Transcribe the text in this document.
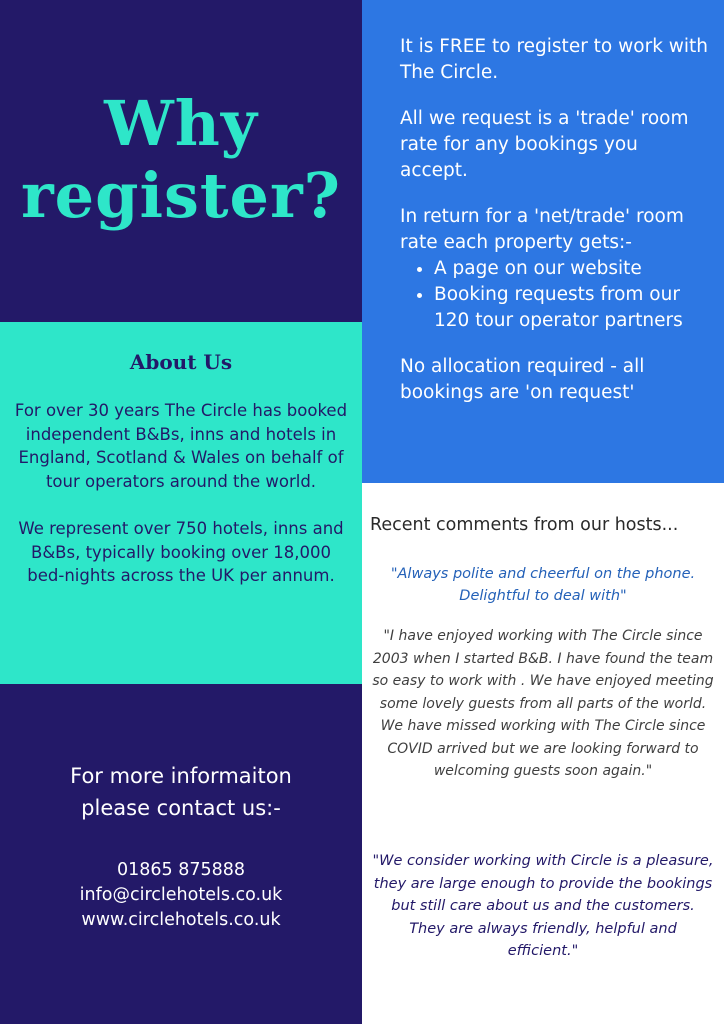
Why
register?

It is FREE to register to work with The Circle.

All we request is a 'trade' room rate for any bookings you accept.

In return for a 'net/trade' room rate each property gets:-

• A page on our website
• Booking requests from our 120 tour operator partners

No allocation required - all bookings are 'on request'

About Us

For over 30 years The Circle has booked independent B&Bs, inns and hotels in England, Scotland & Wales on behalf of tour operators around the world.

We represent over 750 hotels, inns and B&Bs, typically booking over 18,000 bed-nights across the UK per annum.

For more informaiton
please contact us:-
01865 875888
info@circlehotels.co.uk
www.circlehotels.co.uk
Recent comments from our hosts...
"Always polite and cheerful on the phone. Delightful to deal with"
"I have enjoyed working with The Circle since 2003 when I started B&B. I have found the team so easy to work with . We have enjoyed meeting some lovely guests from all parts of the world. We have missed working with The Circle since COVID arrived but we are looking forward to welcoming guests soon again."
"We consider working with Circle is a pleasure, they are large enough to provide the bookings but still care about us and the customers. They are always friendly, helpful and efficient."
